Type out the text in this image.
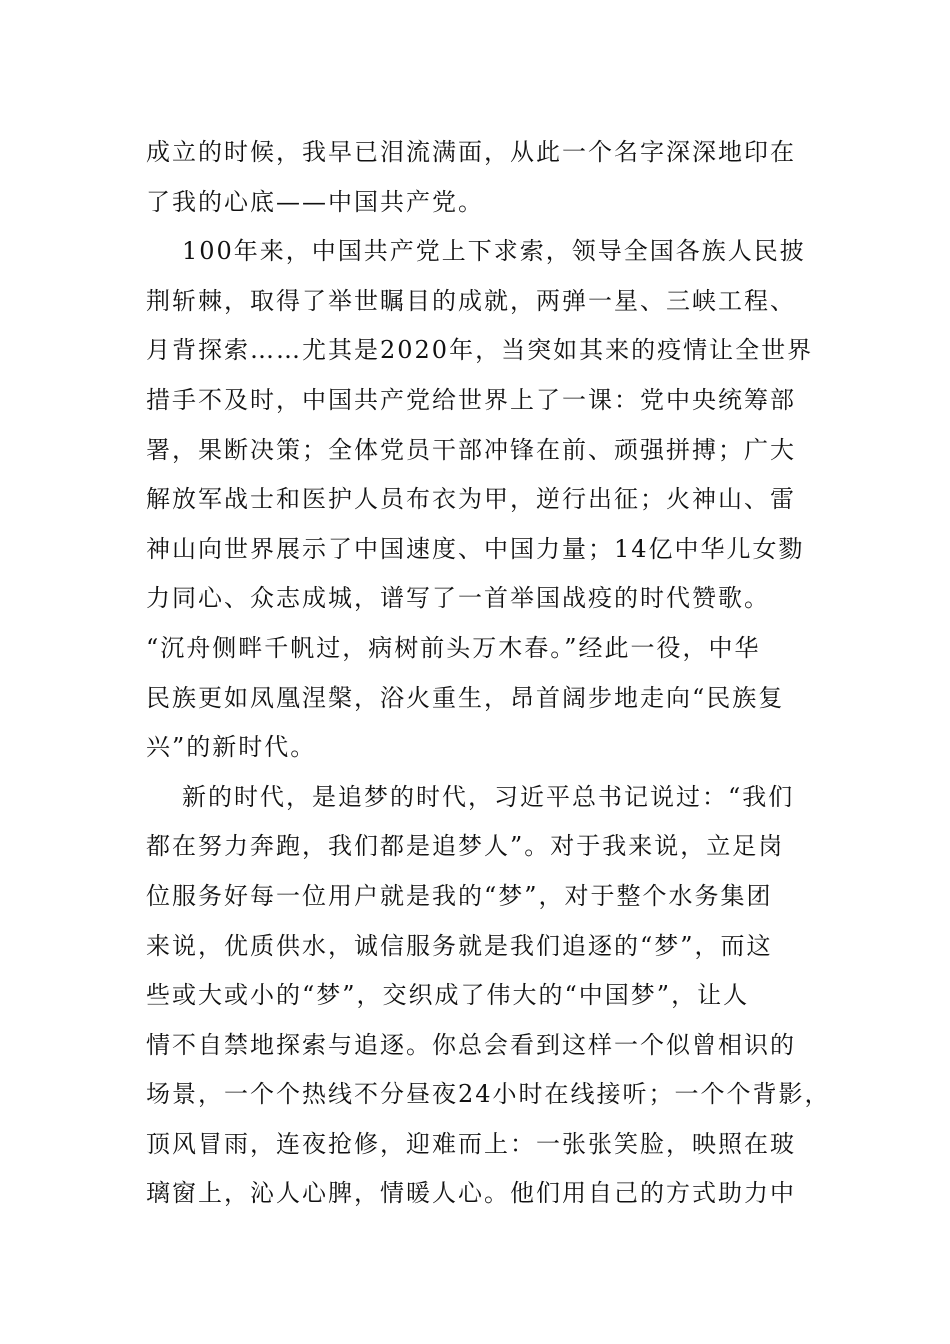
成立的时候，我早已泪流满面，从此一个名字深深地印在
了我的心底——中国共产党。
100年来，中国共产党上下求索，领导全国各族人民披
荆斩棘，取得了举世瞩目的成就，两弹一星、三峡工程、
月背探索……尤其是2020年，当突如其来的疫情让全世界
措手不及时，中国共产党给世界上了一课：党中央统筹部
署，果断决策；全体党员干部冲锋在前、顽强拼搏；广大
解放军战士和医护人员布衣为甲，逆行出征；火神山、雷
神山向世界展示了中国速度、中国力量；14亿中华儿女勠
力同心、众志成城，谱写了一首举国战疫的时代赞歌。
“沉舟侧畔千帆过，病树前头万木春。”经此一役，中华
民族更如凤凰涅槃，浴火重生，昂首阔步地走向“民族复
兴”的新时代。
新的时代，是追梦的时代，习近平总书记说过：“我们
都在努力奔跑，我们都是追梦人”。对于我来说，立足岗
位服务好每一位用户就是我的“梦”，对于整个水务集团
来说，优质供水，诚信服务就是我们追逐的“梦”，而这
些或大或小的“梦”，交织成了伟大的“中国梦”，让人
情不自禁地探索与追逐。你总会看到这样一个似曾相识的
场景，一个个热线不分昼夜24小时在线接听；一个个背影，
顶风冒雨，连夜抢修，迎难而上：一张张笑脸，映照在玻
璃窗上，沁人心脾，情暖人心。他们用自己的方式助力中
